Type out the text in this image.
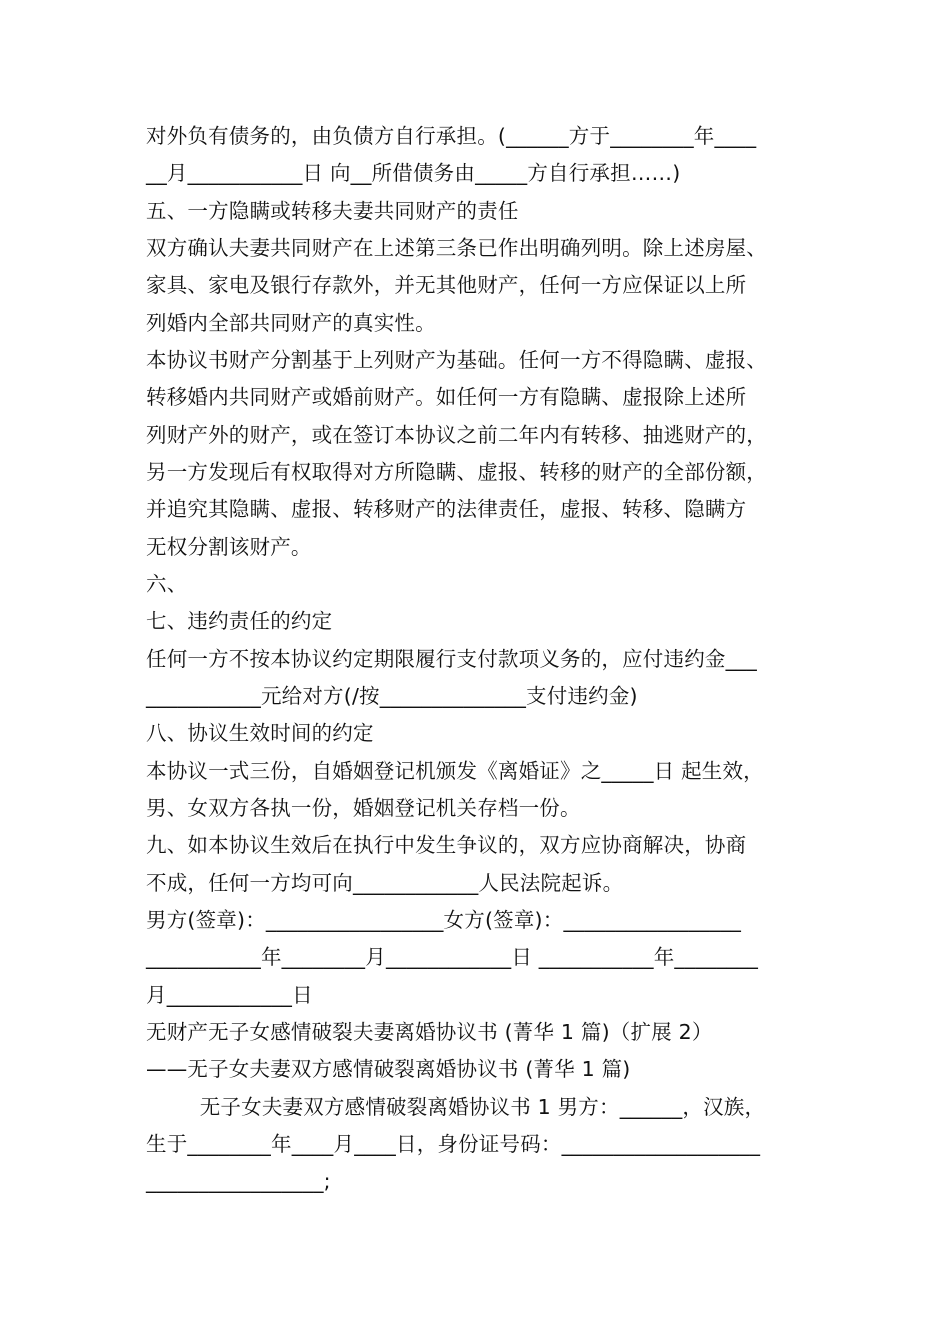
对外负有债务的，由负债方自行承担。(______方于________年____
__月___________日 向__所借债务由_____方自行承担……)
五、一方隐瞒或转移夫妻共同财产的责任
双方确认夫妻共同财产在上述第三条已作出明确列明。除上述房屋、
家具、家电及银行存款外，并无其他财产，任何一方应保证以上所
列婚内全部共同财产的真实性。
本协议书财产分割基于上列财产为基础。任何一方不得隐瞒、虚报、
转移婚内共同财产或婚前财产。如任何一方有隐瞒、虚报除上述所
列财产外的财产，或在签订本协议之前二年内有转移、抽逃财产的，
另一方发现后有权取得对方所隐瞒、虚报、转移的财产的全部份额，
并追究其隐瞒、虚报、转移财产的法律责任，虚报、转移、隐瞒方
无权分割该财产。
六、
七、违约责任的约定
任何一方不按本协议约定期限履行支付款项义务的，应付违约金___
___________元给对方(/按______________支付违约金)
八、协议生效时间的约定
本协议一式三份，自婚姻登记机颁发《离婚证》之_____日 起生效，
男、女双方各执一份，婚姻登记机关存档一份。
九、如本协议生效后在执行中发生争议的，双方应协商解决，协商
不成，任何一方均可向____________人民法院起诉。
男方(签章)：_________________女方(签章)：_________________
___________年________月____________日 ___________年________
月____________日
无财产无子女感情破裂夫妻离婚协议书 (菁华 1 篇)（扩展 2）
——无子女夫妻双方感情破裂离婚协议书 (菁华 1 篇)
无子女夫妻双方感情破裂离婚协议书 1 男方：______，汉族，
生于________年____月____日，身份证号码：___________________
_________________;
